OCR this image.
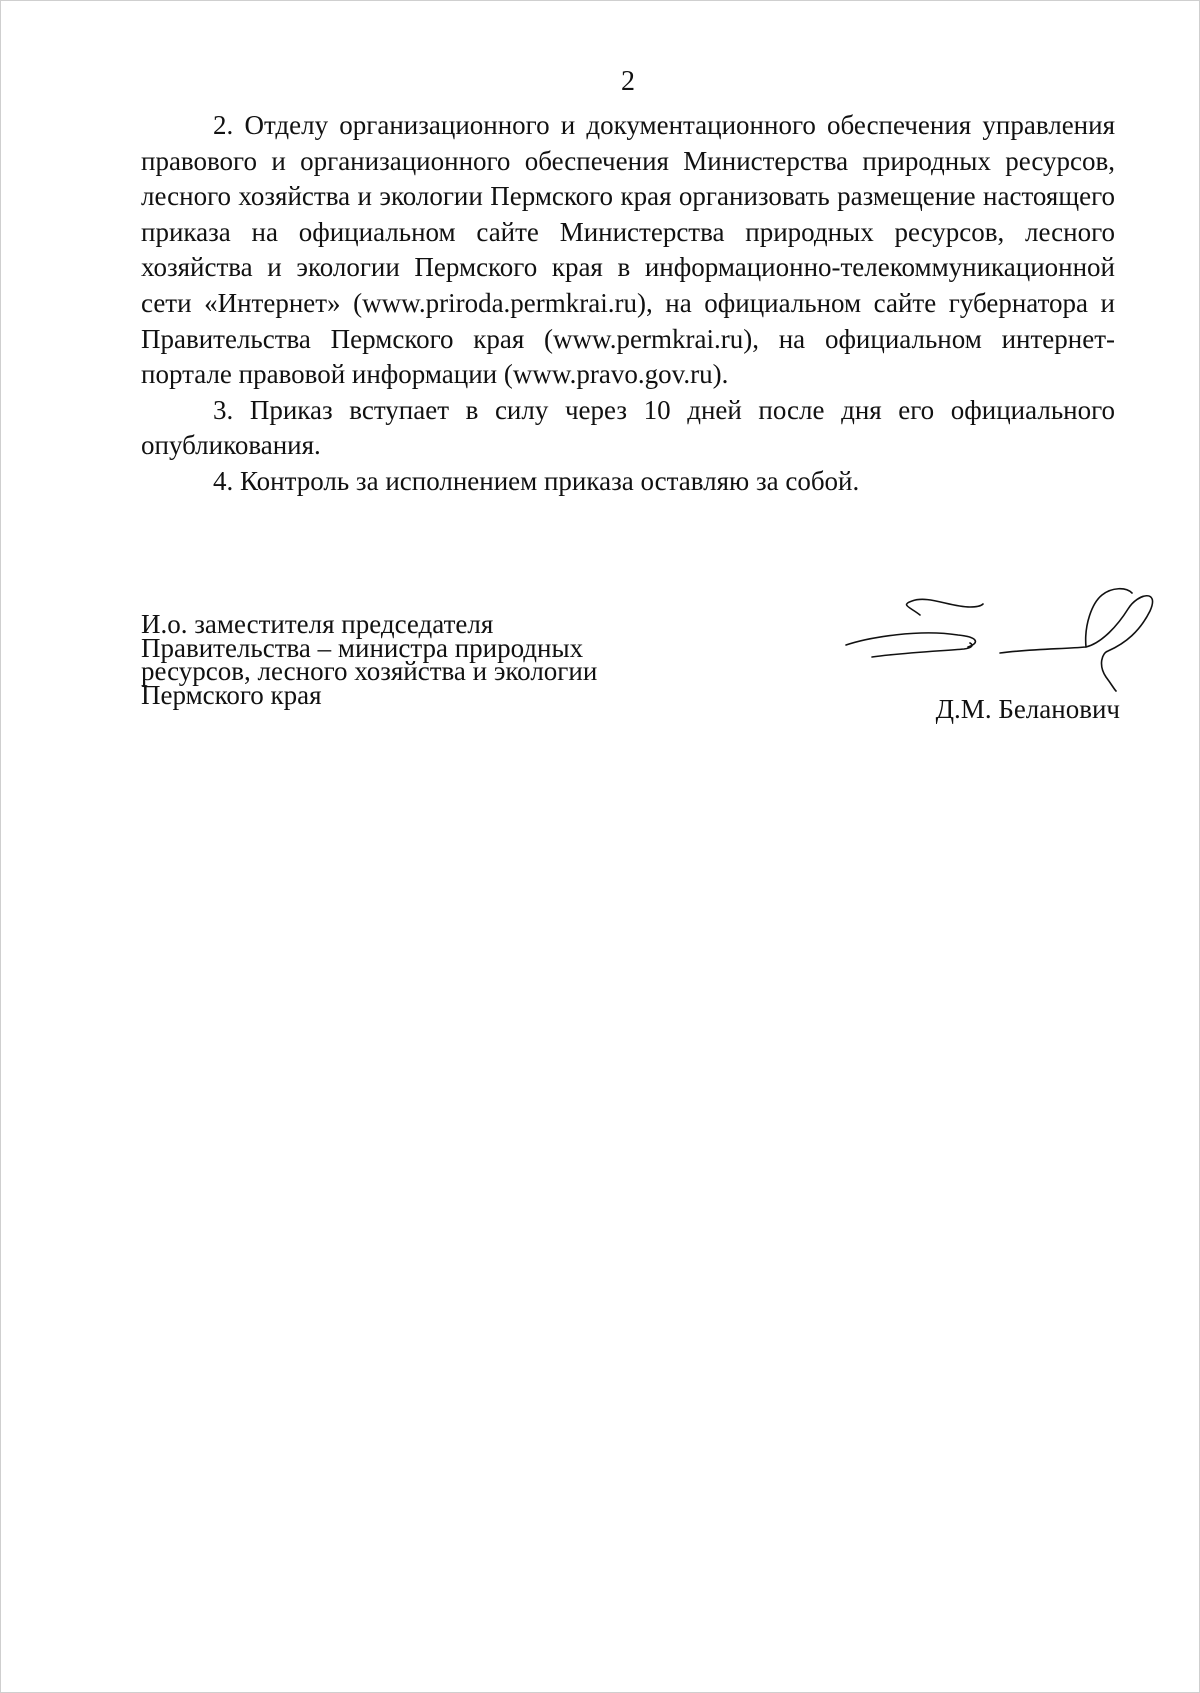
2

2. Отделу организационного и документационного обеспечения управления правового и организационного обеспечения Министерства природных ресурсов, лесного хозяйства и экологии Пермского края организовать размещение настоящего приказа на официальном сайте Министерства природных ресурсов, лесного хозяйства и экологии Пермского края в информационно-телекоммуникационной сети «Интернет» (www.priroda.permkrai.ru), на официальном сайте губернатора и Правительства Пермского края (www.permkrai.ru), на официальном интернет-портале правовой информации (www.pravo.gov.ru).

3. Приказ вступает в силу через 10 дней после дня его официального опубликования.

4. Контроль за исполнением приказа оставляю за собой.

И.о. заместителя председателя
Правительства – министра природных
ресурсов, лесного хозяйства и экологии
Пермского края	Д.М. Беланович
